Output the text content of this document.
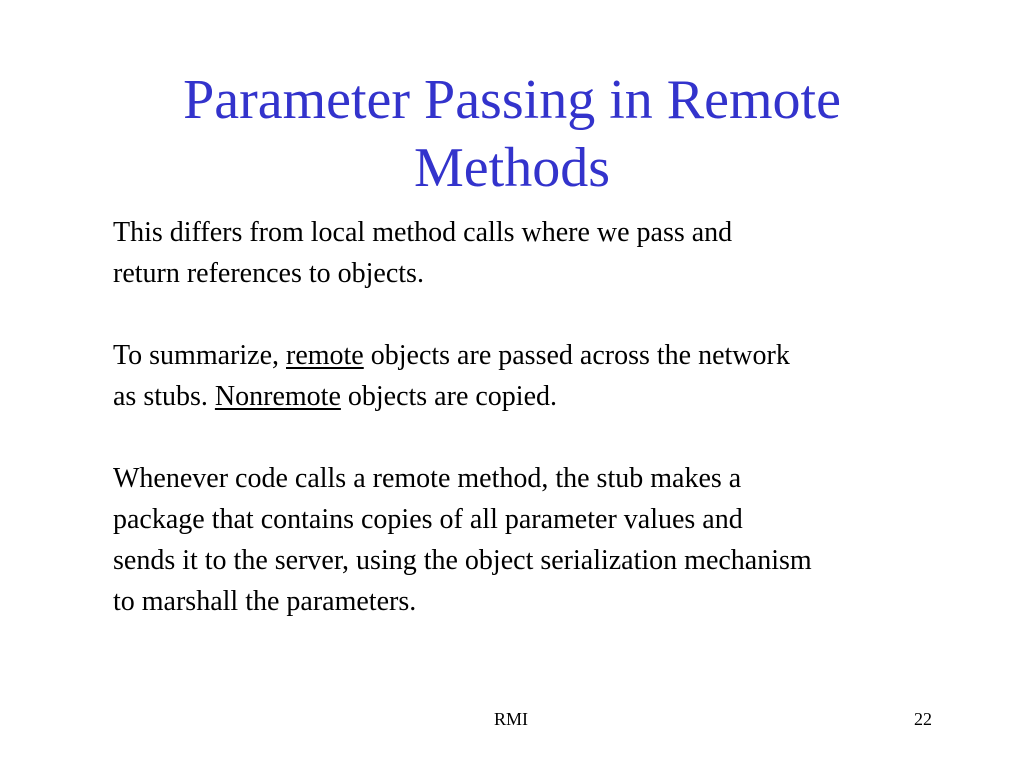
Parameter Passing in Remote
Methods

This differs from local method calls where we pass and
return references to objects.

To summarize, remote objects are passed across the network
as stubs. Nonremote objects are copied.

Whenever code calls a remote method, the stub makes a
package that contains copies of all parameter values and
sends it to the server, using the object serialization mechanism
to marshall the parameters.

RMI	22
